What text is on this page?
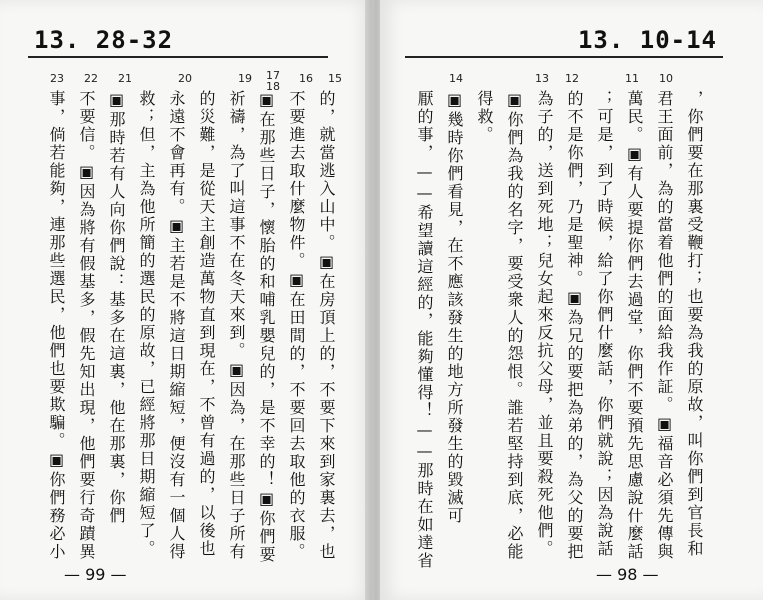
13. 28-32
23 22 21	20	19 17 18
16 15
事，倘若能夠，連那些選民，他們也要欺騙。▣你們務必小 不要信。▣因為將有假基多，假先知出現，他們要行奇蹟異 ▣那時若有人向你們說：基多在這裏，他在那裏，你們 救；但，主為他所簡的選民的原故，已經將那日期縮短了。 永遠不會再有。▣主若是不將這日期縮短，便沒有一個人得 的災難，是從天主創造萬物直到現在，不曾有過的，以後也 祈禱，為了叫這事不在冬天來到。▣因為，在那些日子所有 ▣在那些日子，懷胎的和哺乳嬰兒的，是不幸的！▣你們要 不要進去取什麼物件。▣在田間的，不要回去取他的衣服。 的，就當逃入山中。▣在房頂上的，不要下來到家裏去，也
— 99 —
13. 10-14
14	13 12	11 10
厭的事，——希望讀這經的，能夠懂得！——那時在如達省 ▣幾時你們看見，在不應該發生的地方所發生的毀滅可 得救。 ▣你們為我的名字，要受衆人的怨恨。誰若堅持到底，必能 為子的，送到死地；兒女起來反抗父母，並且要殺死他們。 的不是你們，乃是聖神。▣為兄的要把為弟的，為父的要把 ；可是，到了時候，給了你們什麼話，你們就說；因為說話 萬民。▣有人要提你們去過堂，你們不要預先思慮說什麼話 君王面前，為的當着他們的面給我作証。▣福音必須先傳與 ，你們要在那裏受鞭打；也要為我的原故，叫你們到官長和
— 98 —
